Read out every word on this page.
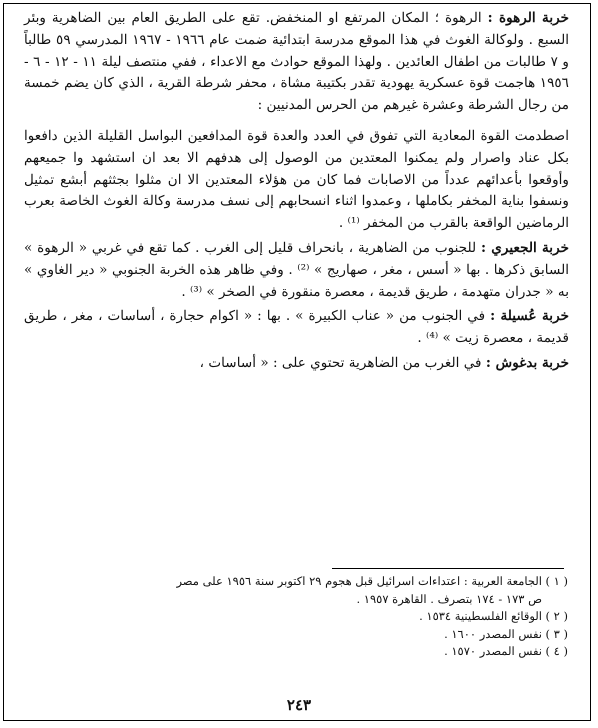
خربة الرهوة : الرهوة ؛ المكان المرتفع او المنخفض. تقع على الطريق العام بين الضاهرية وبئر السبع . ولوكالة الغوث في هذا الموقع مدرسة ابتدائية ضمت عام ١٩٦٦ - ١٩٦٧ المدرسي ٥٩ طالباً و ٧ طالبات من اطفال العائدين . ولهذا الموقع حوادث مع الاعداء ، ففي منتصف ليلة ١١ - ١٢ - ٦ - ١٩٥٦ هاجمت قوة عسكرية يهودية تقدر بكتيبة مشاة ، محفر شرطة القرية ، الذي كان يضم خمسة من رجال الشرطة وعشرة غيرهم من الحرس المدنيين :

اصطدمت القوة المعادية التي تفوق في العدد والعدة قوة المدافعين البواسل القليلة الذين دافعوا بكل عناد واصرار ولم يمكنوا المعتدين من الوصول إلى هدفهم الا بعد ان استشهد وا جميعهم وأوقعوا بأعدائهم عدداً من الاصابات فما كان من هؤلاء المعتدين الا ان مثلوا بجثثهم أبشع تمثيل ونسفوا بناية المخفر بكاملها ، وعمدوا اثناء انسحابهم إلى نسف مدرسة وكالة الغوث الخاصة بعرب الرماضين الواقعة بالقرب من المخفر ⁽¹⁾ .

خربة الجعيري : للجنوب من الضاهرية ، بانحراف قليل إلى الغرب . كما تقع في غربي « الرهوة » السابق ذكرها . بها « أسس ، مغر ، صهاريج » ⁽²⁾ . وفي ظاهر هذه الخربة الجنوبي « دير الغاوي » به « جدران متهدمة ، طريق قديمة ، معصرة منقورة في الصخر » ⁽³⁾ .

خربة عُسيلة : في الجنوب من « عناب الكبيرة » . بها : « اكوام حجارة ، أساسات ، مغر ، طريق قديمة ، معصرة زيت » ⁽⁴⁾ .

خربة بدغوش : في الغرب من الضاهرية تحتوي على : « أساسات ،

( ١ )
الجامعة العربية : اعتداءات اسرائيل قبل هجوم ٢٩ اكتوبر سنة ١٩٥٦ على مصر
ص ١٧٣ - ١٧٤ بتصرف . القاهرة ١٩٥٧ .
( ٢ )
الوقائع الفلسطينية ١٥٣٤ .
( ٣ )
نفس المصدر ١٦٠٠ .
( ٤ )
نفس المصدر ١٥٧٠ .
٢٤٣
